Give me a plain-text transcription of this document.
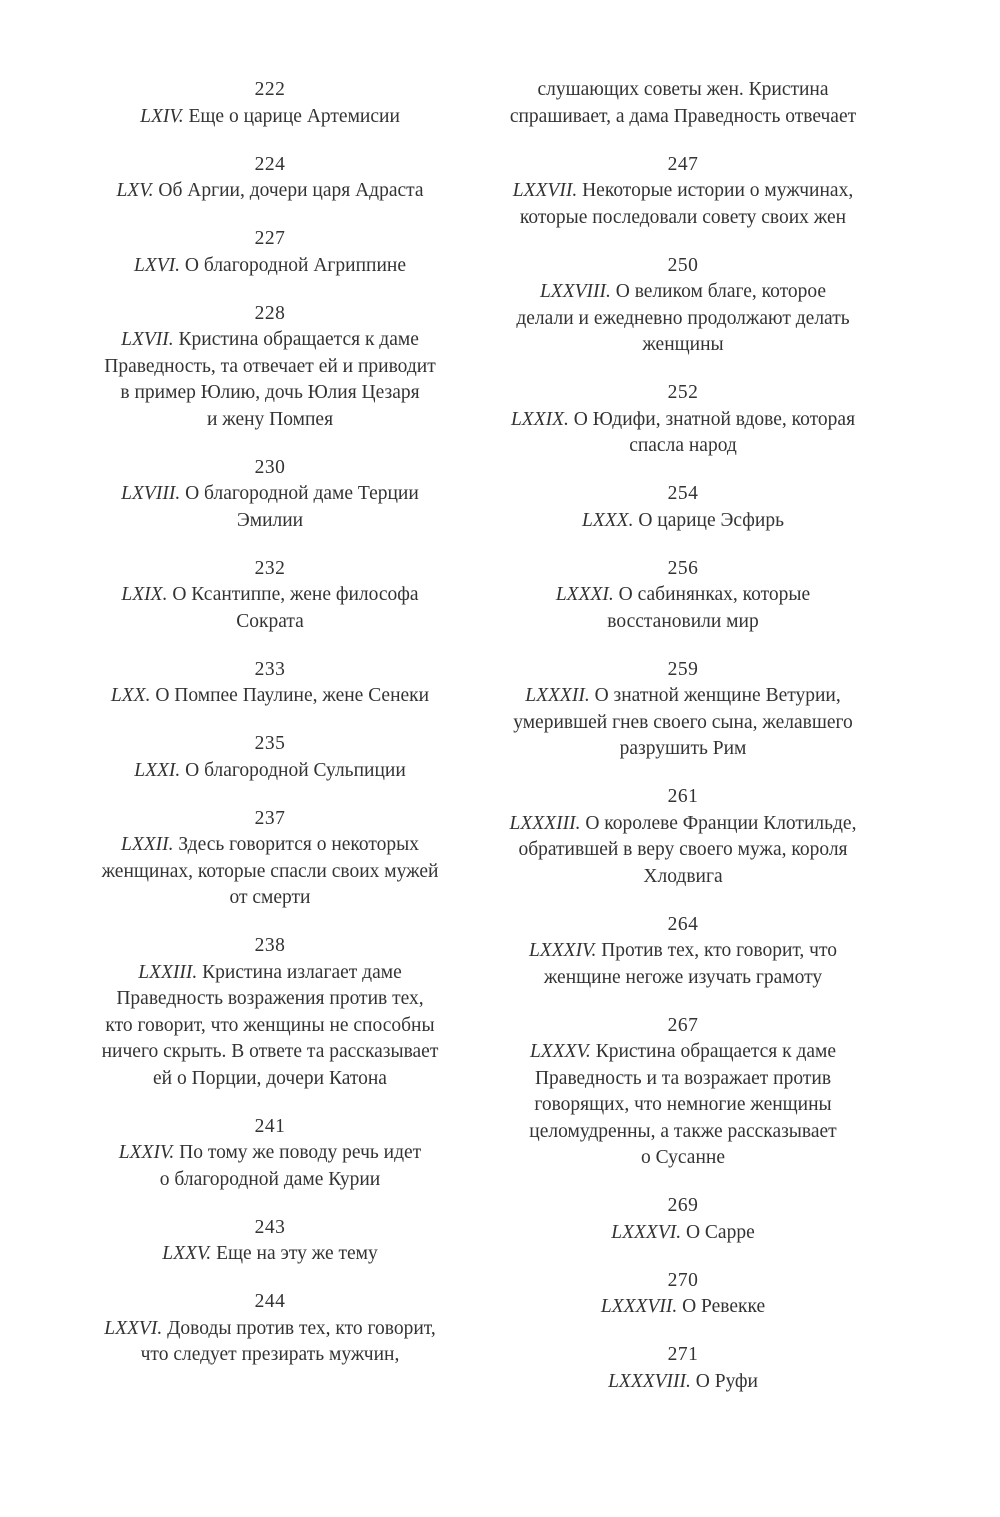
222
LXIV. Еще о царице Артемисии
224
LXV. Об Аргии, дочери царя Адраста
227
LXVI. О благородной Агриппине
228
LXVII. Кристина обращается к даме
Праведность, та отвечает ей и приводит
в пример Юлию, дочь Юлия Цезаря
и жену Помпея
230
LXVIII. О благородной даме Терции
Эмилии
232
LXIX. О Ксантиппе, жене философа
Сократа
233
LXX. О Помпее Паулине, жене Сенеки
235
LXXI. О благородной Сульпиции
237
LXXII. Здесь говорится о некоторых
женщинах, которые спасли своих мужей
от смерти
238
LXXIII. Кристина излагает даме
Праведность возражения против тех,
кто говорит, что женщины не способны
ничего скрыть. В ответе та рассказывает
ей о Порции, дочери Катона
241
LXXIV. По тому же поводу речь идет
о благородной даме Курии
243
LXXV. Еще на эту же тему
244
LXXVI. Доводы против тех, кто говорит,
что следует презирать мужчин,
слушающих советы жен. Кристина
спрашивает, а дама Праведность отвечает
247
LXXVII. Некоторые истории о мужчинах,
которые последовали совету своих жен
250
LXXVIII. О великом благе, которое
делали и ежедневно продолжают делать
женщины
252
LXXIX. О Юдифи, знатной вдове, которая
спасла народ
254
LXXX. О царице Эсфирь
256
LXXXI. О сабинянках, которые
восстановили мир
259
LXXXII. О знатной женщине Ветурии,
умерившей гнев своего сына, желавшего
разрушить Рим
261
LXXXIII. О королеве Франции Клотильде,
обратившей в веру своего мужа, короля
Хлодвига
264
LXXXIV. Против тех, кто говорит, что
женщине негоже изучать грамоту
267
LXXXV. Кристина обращается к даме
Праведность и та возражает против
говорящих, что немногие женщины
целомудренны, а также рассказывает
о Сусанне
269
LXXXVI. О Сарре
270
LXXXVII. О Ревекке
271
LXXXVIII. О Руфи
